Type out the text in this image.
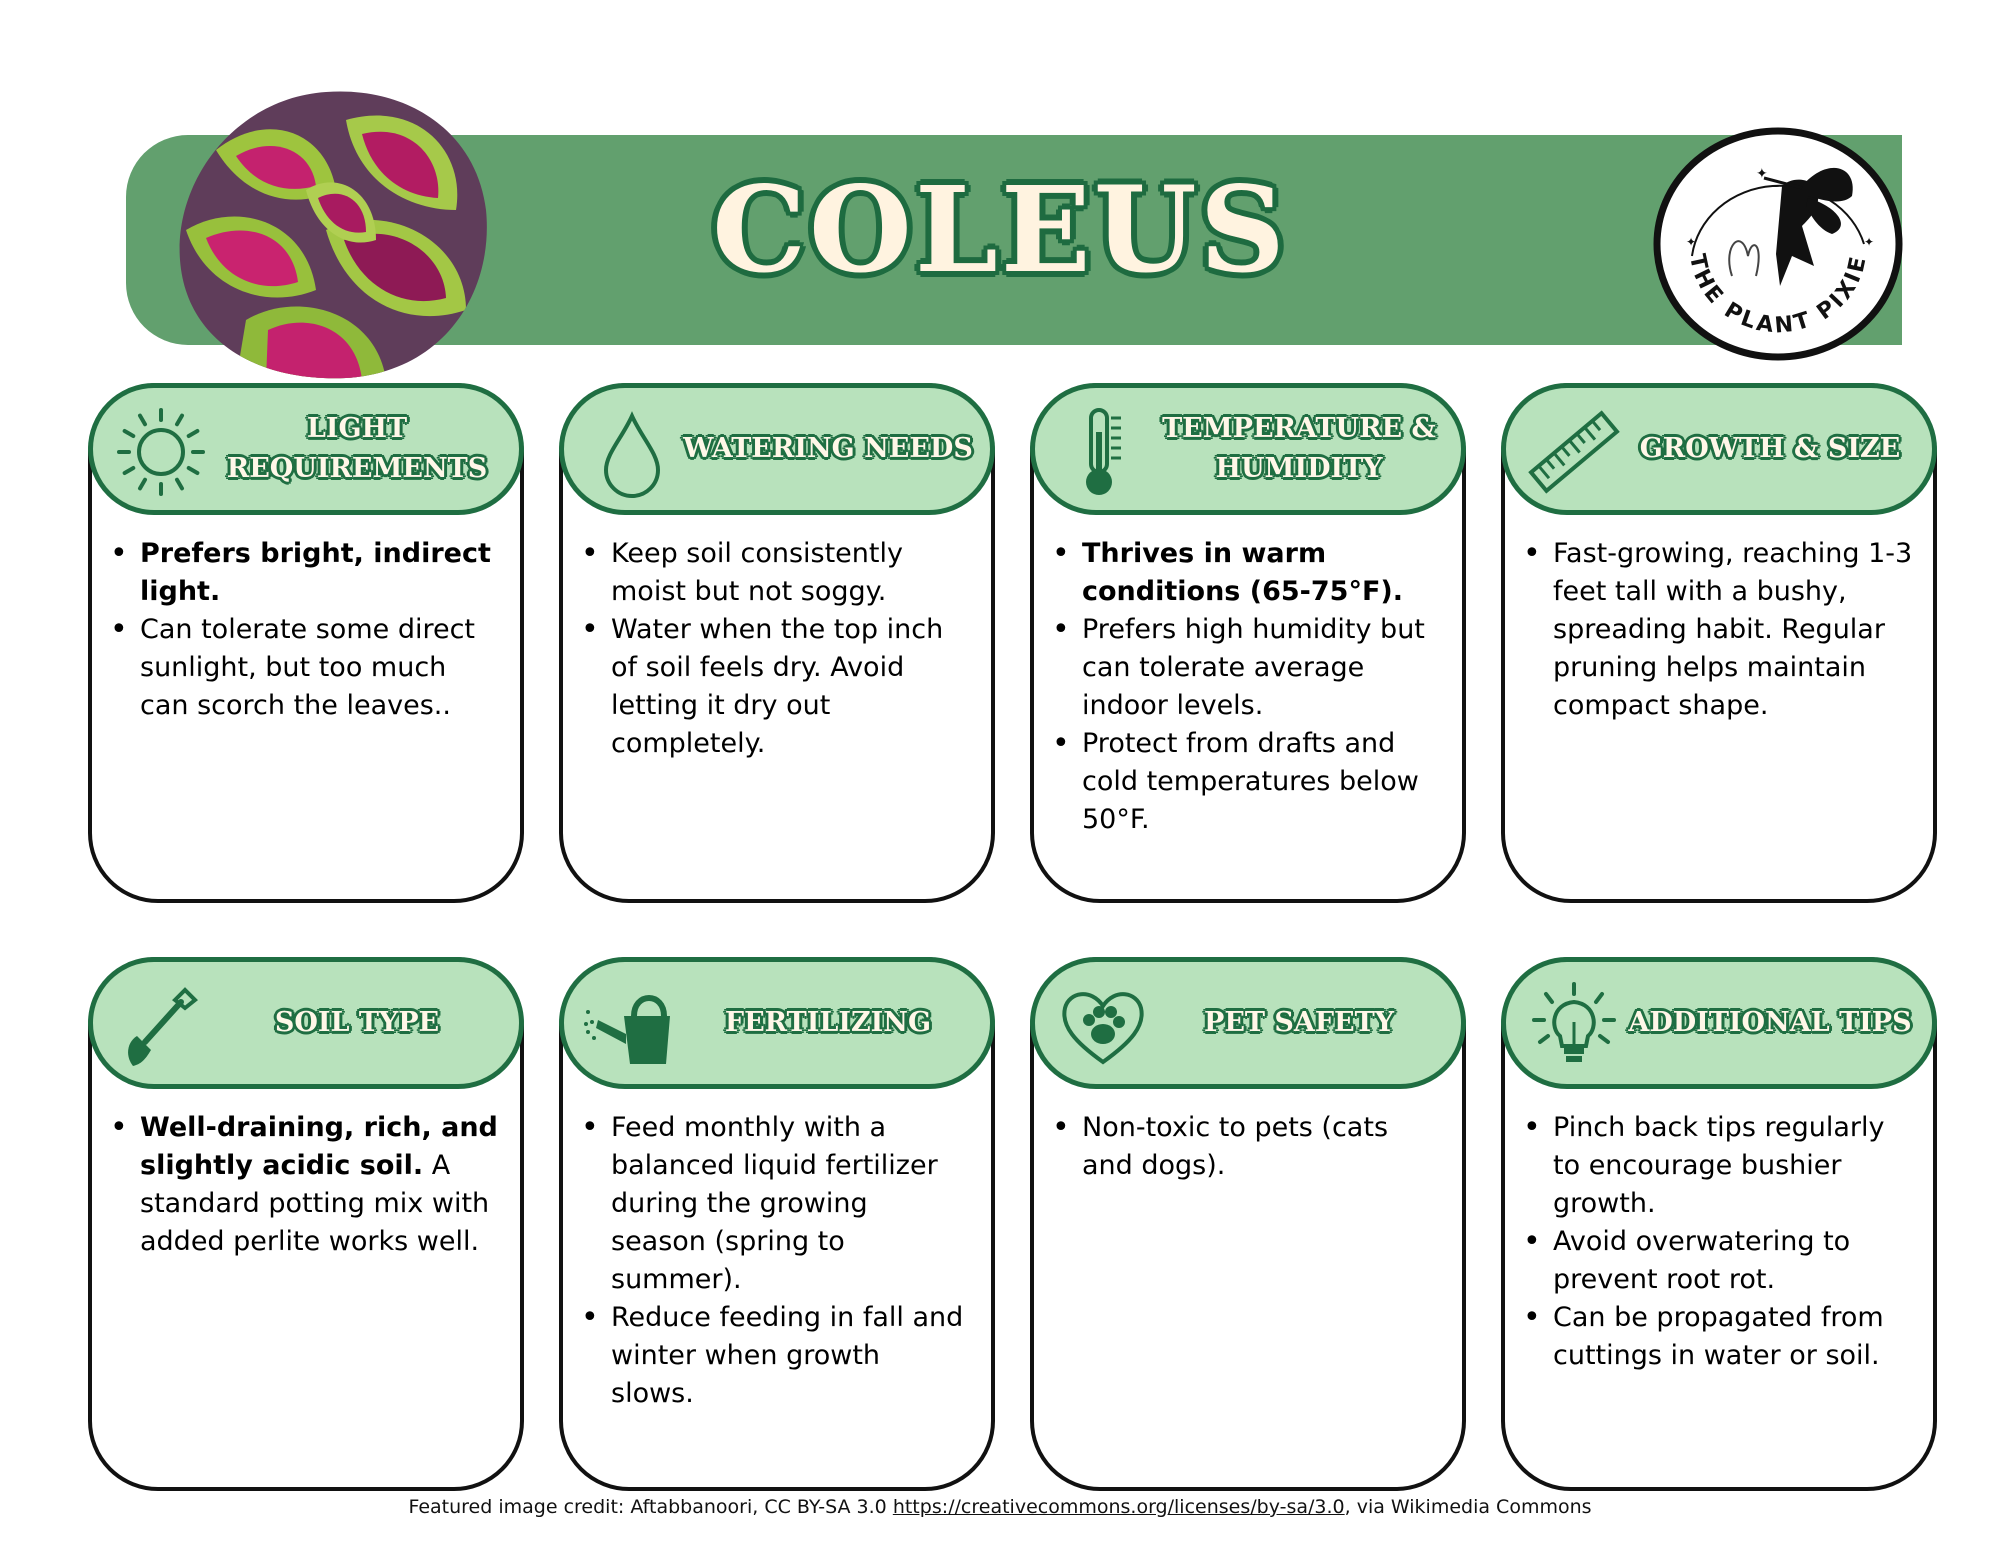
COLEUS	✦
✦	✦
THE PLANT PIXIE
LIGHT REQUIREMENTS
• Prefers bright, indirect light.
• Can tolerate some direct sunlight, but too much can scorch the leaves..
WATERING NEEDS
• Keep soil consistently moist but not soggy.
• Water when the top inch of soil feels dry. Avoid letting it dry out completely.
TEMPERATURE & HUMIDITY
• Thrives in warm conditions (65-75°F).
• Prefers high humidity but can tolerate average indoor levels.
• Protect from drafts and cold temperatures below 50°F.
GROWTH & SIZE
• Fast-growing, reaching 1-3 feet tall with a bushy, spreading habit. Regular pruning helps maintain compact shape.
SOIL TYPE
• Well-draining, rich, and slightly acidic soil. A standard potting mix with added perlite works well.
FERTILIZING
• Feed monthly with a balanced liquid fertilizer during the growing season (spring to summer).
• Reduce feeding in fall and winter when growth slows.
PET SAFETY
• Non-toxic to pets (cats and dogs).
ADDITIONAL TIPS
• Pinch back tips regularly to encourage bushier growth.
• Avoid overwatering to prevent root rot.
• Can be propagated from cuttings in water or soil.
Featured image credit: Aftabbanoori, CC BY-SA 3.0 https://creativecommons.org/licenses/by-sa/3.0, via Wikimedia Commons
